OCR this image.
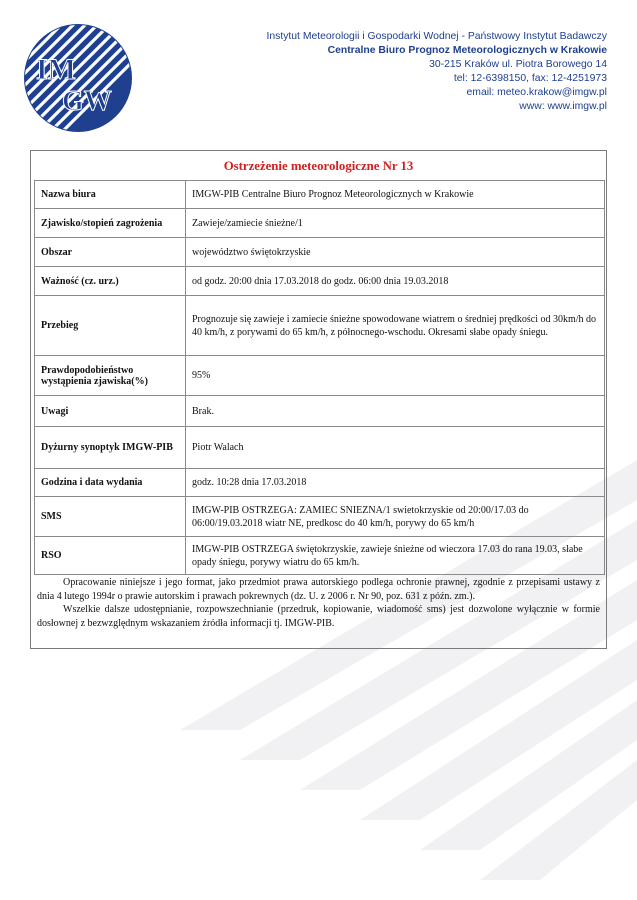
IM
GW
Instytut Meteorologii i Gospodarki Wodnej - Państwowy Instytut Badawczy
Centralne Biuro Prognoz Meteorologicznych w Krakowie
30-215 Kraków ul. Piotra Borowego 14
tel: 12-6398150, fax: 12-4251973
email: meteo.krakow@imgw.pl
www: www.imgw.pl
Ostrzeżenie meteorologiczne Nr 13
Nazwa biura	IMGW-PIB Centralne Biuro Prognoz Meteorologicznych w Krakowie
Zjawisko/stopień zagrożenia	Zawieje/zamiecie śnieżne/1
Obszar	województwo świętokrzyskie
Ważność (cz. urz.)	od godz. 20:00 dnia 17.03.2018 do godz. 06:00 dnia 19.03.2018
Przebieg	Prognozuje się zawieje i zamiecie śnieżne spowodowane wiatrem o średniej prędkości od 30km/h do 40 km/h, z porywami do 65 km/h, z północnego-wschodu. Okresami słabe opady śniegu.
Prawdopodobieństwo wystąpienia zjawiska(%)	95%
Uwagi	Brak.
Dyżurny synoptyk IMGW-PIB	Piotr Walach
Godzina i data wydania	godz. 10:28 dnia 17.03.2018
SMS	IMGW-PIB OSTRZEGA: ZAMIEC SNIEZNA/1 swietokrzyskie od 20:00/17.03 do 06:00/19.03.2018 wiatr NE, predkosc do 40 km/h, porywy do 65 km/h
RSO	IMGW-PIB OSTRZEGA świętokrzyskie, zawieje śnieżne od wieczora 17.03 do rana 19.03, słabe opady śniegu, porywy wiatru do 65 km/h.

Opracowanie niniejsze i jego format, jako przedmiot prawa autorskiego podlega ochronie prawnej, zgodnie z przepisami ustawy z dnia 4 lutego 1994r o prawie autorskim i prawach pokrewnych (dz. U. z 2006 r. Nr 90, poz. 631 z późn. zm.).

Wszelkie dalsze udostępnianie, rozpowszechnianie (przedruk, kopiowanie, wiadomość sms) jest dozwolone wyłącznie w formie dosłownej z bezwzględnym wskazaniem źródła informacji tj. IMGW-PIB.
